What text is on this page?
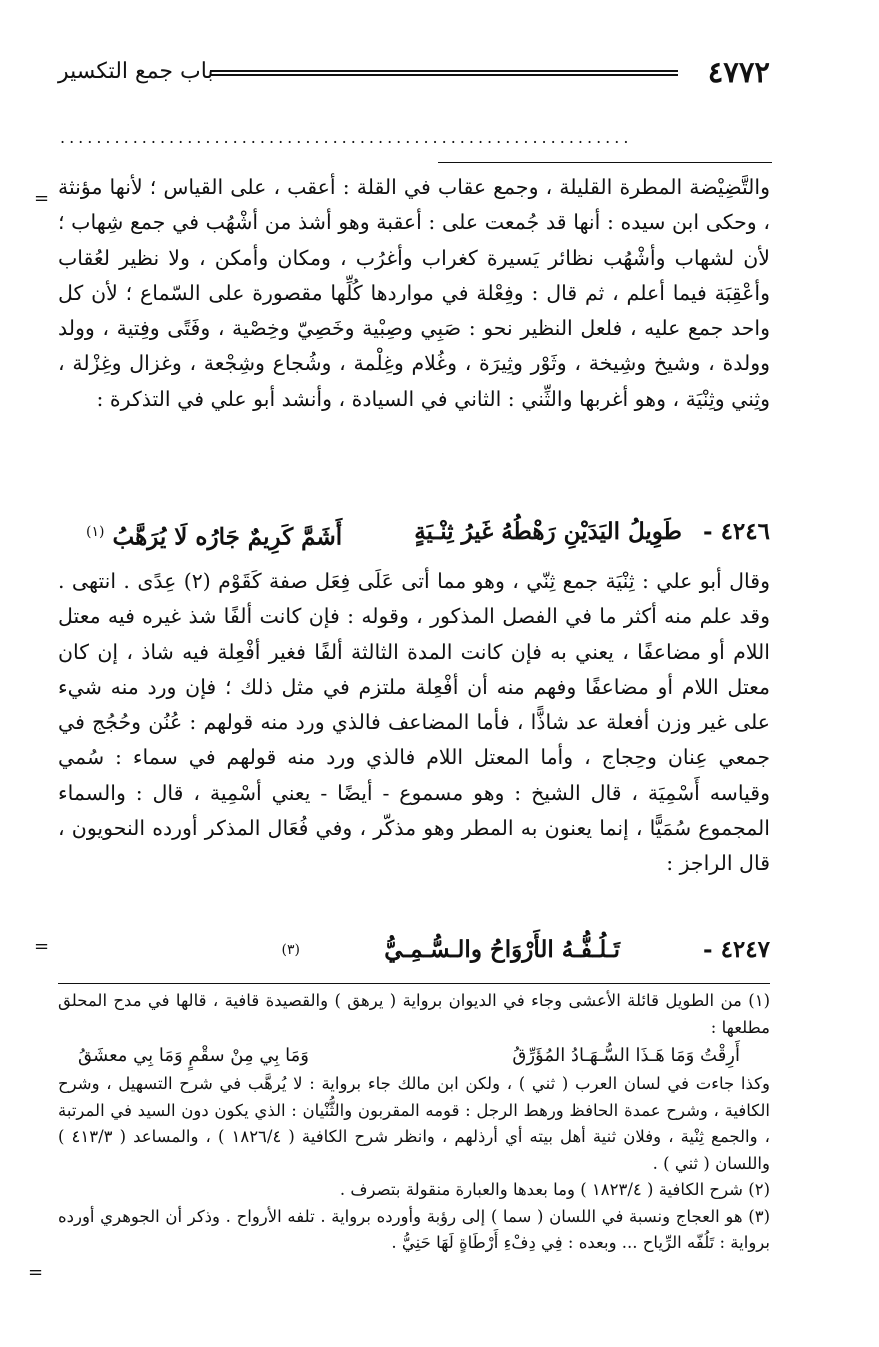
٤٧٧٢
باب جمع التكسير
...............................................................
= والتَّضِيْضة المطرة القليلة ، وجمع عقاب في القلة : أعقب ، على القياس ؛ لأنها مؤنثة ، وحكى ابن سيده : أنها قد جُمعت على : أعقبة وهو أشذ من أشْهُب في جمع شِهاب ؛ لأن لشهاب وأشْهُب نظائر يَسيرة كغراب وأغرُب ، ومكان وأمكن ، ولا نظير لعُقاب وأعْقِبَة فيما أعلم ، ثم قال : وفِعْلة في مواردها كُلِّها مقصورة على السّماع ؛ لأن كل واحد جمع عليه ، فلعل النظير نحو : صَبِي وصِبْية وخَصِيّ وخِصْية ، وفَتًى وفِتية ، وولد وولدة ، وشيخ وشِيخة ، وثَوْر وثِيرَة ، وغُلام وغِلْمة ، وشُجاع وشِجْعة ، وغزال وغِزْلة ، وثِني وثِنْيَة ، وهو أغربها والثِّني : الثاني في السيادة ، وأنشد أبو علي في التذكرة :

٤٢٤٦ -
طَوِيلُ اليَدَيْنِ رَهْطُهُ غَيرُ ثِنْـيَةٍ
أَشَمَّ كَرِيمٌ جَارُه لَا يُرَهَّبُ $^{(١)}$

وقال أبو علي : ثِنْيَة جمع ثِنّي ، وهو مما أتى عَلَى فِعَل صفة كَقَوْم (٢) عِدًى . انتهى . وقد علم منه أكثر ما في الفصل المذكور ، وقوله : فإن كانت ألفًا شذ غيره فيه معتل اللام أو مضاعفًا ، يعني به فإن كانت المدة الثالثة ألفًا فغير أفْعِلة فيه شاذ ، إن كان معتل اللام أو مضاعفًا وفهم منه أن أفْعِلة ملتزم في مثل ذلك ؛ فإن ورد منه شيء على غير وزن أفعلة عد شاذًّا ، فأما المضاعف فالذي ورد منه قولهم : عُنُن وحُجُج في جمعي عِنان وحِجاج ، وأما المعتل اللام فالذي ورد منه قولهم في سماء : سُمي وقياسه أَسْمِيَة ، قال الشيخ : وهو مسموع - أيضًا - يعني أسْمِية ، قال : والسماء المجموع سُمَيًّا ، إنما يعنون به المطر وهو مذكّر ، وفي فُعَال المذكر أورده النحويون ، قال الراجز :

٤٢٤٧ -
تَـلُـفُّـهُ الأَرْوَاحُ والـسُّـمِـيُّ
(٣)
=

(١) من الطويل قائلة الأعشى وجاء في الديوان برواية ( يرهق ) والقصيدة قافية ، قالها في مدح المحلق مطلعها :

أَرِقْتُ وَمَا هَـذَا السُّـهَـادُ المُؤَرِّقُ
وَمَا بِي مِنْ سقْمٍ وَمَا بِي معشَقُ

وكذا جاءت في لسان العرب ( ثني ) ، ولكن ابن مالك جاء برواية : لا يُرهَّب في شرح التسهيل ، وشرح الكافية ، وشرح عمدة الحافظ ورهط الرجل : قومه المقربون والثُّنْيان : الذي يكون دون السيد في المرتبة ، والجمع ثِنْية ، وفلان ثنية أهل بيته أي أرذلهم ، وانظر شرح الكافية ( ١٨٢٦/٤ ) ، والمساعد ( ٤١٣/٣ ) واللسان ( ثني ) .

(٢) شرح الكافية ( ١٨٢٣/٤ ) وما بعدها والعبارة منقولة بتصرف .

(٣) هو العجاج ونسبة في اللسان ( سما ) إلى رؤبة وأورده برواية . تلفه الأرواح . وذكر أن الجوهري أورده برواية : تَلُفّه الرِّياح ... وبعده : فِي دِفْءِ أَرْطَاةٍ لَهَا حَنِيُّ .

=
